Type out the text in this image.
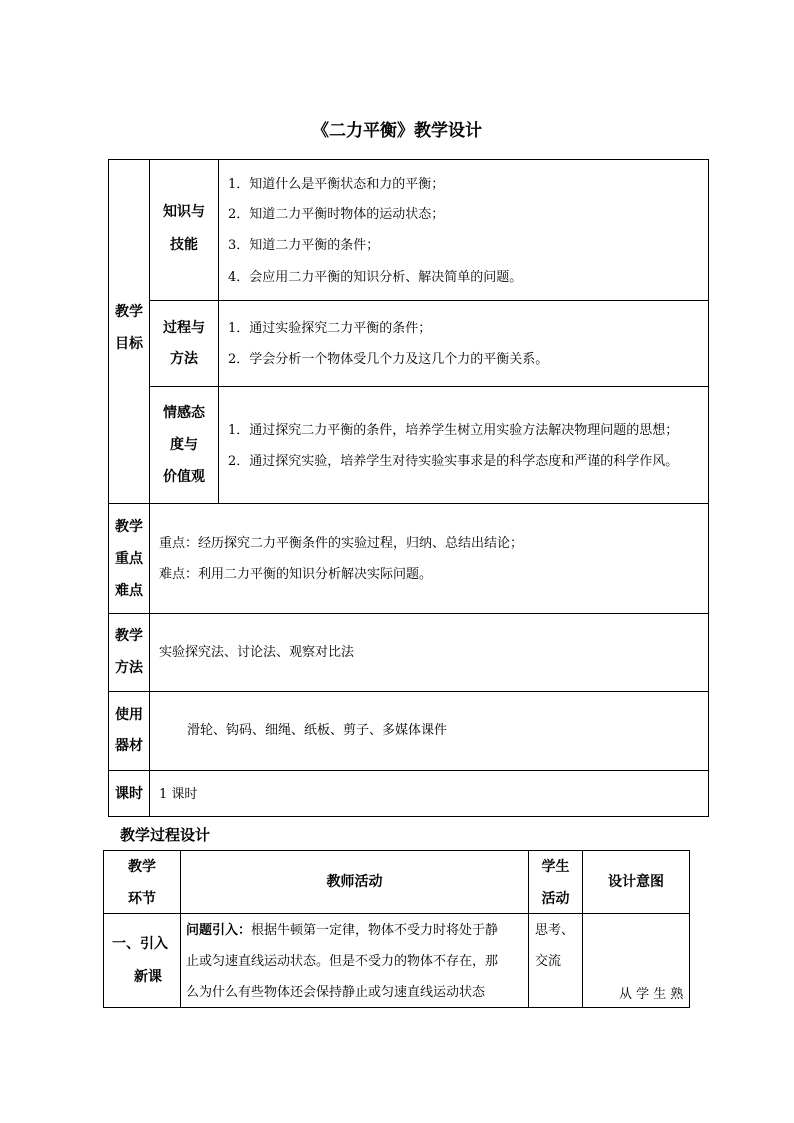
《二力平衡》教学设计
教学
目标
知识与
技能
1．知道什么是平衡状态和力的平衡；
2．知道二力平衡时物体的运动状态；
3．知道二力平衡的条件；
4．会应用二力平衡的知识分析、解决简单的问题。
过程与
方法
1．通过实验探究二力平衡的条件；
2．学会分析一个物体受几个力及这几个力的平衡关系。
情感态
度与
价值观
1．通过探究二力平衡的条件，培养学生树立用实验方法解决物理问题的思想；
2．通过探究实验，培养学生对待实验实事求是的科学态度和严谨的科学作风。
教学
重点
难点
重点：经历探究二力平衡条件的实验过程，归纳、总结出结论；
难点：利用二力平衡的知识分析解决实际问题。
教学
方法
实验探究法、讨论法、观察对比法
使用
器材
滑轮、钩码、细绳、纸板、剪子、多媒体课件
课时	1 课时
教学过程设计
教学
环节
教师活动
学生
活动
设计意图
一、引入
新课
问题引入：根据牛顿第一定律，物体不受力时将处于静
止或匀速直线运动状态。但是不受力的物体不存在，那
么为什么有些物体还会保持静止或匀速直线运动状态
思考、
交流
从 学 生 熟
